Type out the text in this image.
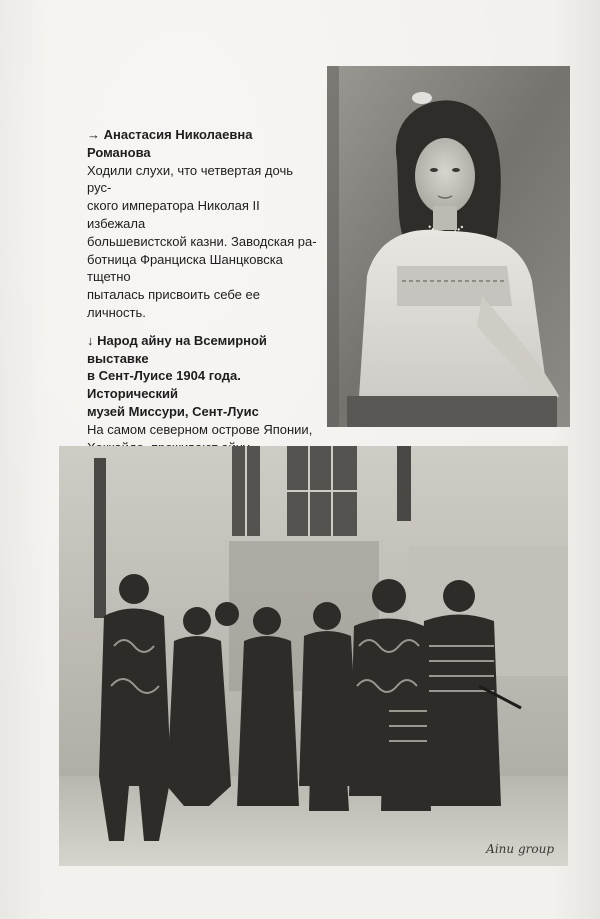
→ Анастасия Николаевна Романова

Ходили слухи, что четвертая дочь рус-

ского императора Николая II избежала

большевистской казни. Заводская ра-

ботница Франциска Шанцковска тщетно

пыталась присвоить себе ее личность.

↓ Народ айну на Всемирной выставке

в Сент-Луисе 1904 года. Исторический

музей Миссури, Сент-Луис

На самом северном острове Японии,

Ainu group
